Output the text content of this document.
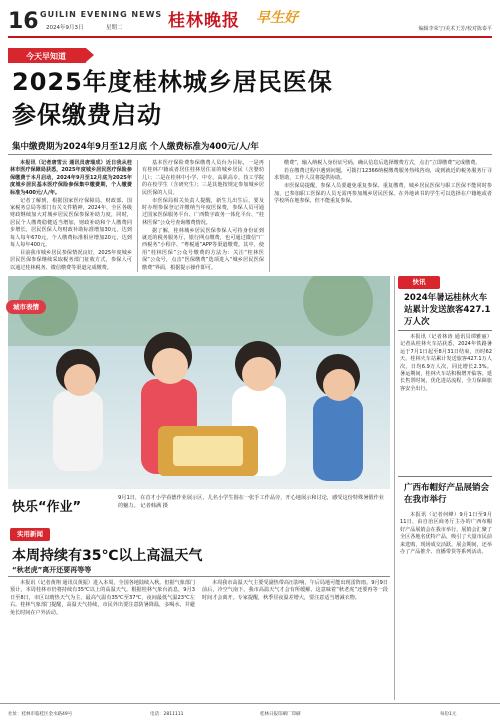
16 GUILIN EVENING NEWS
2024年9月3日	星期二	桂林晚报 早生好
编辑李荣宁/美术王芳/校对陈泰平
今天早知道
2025年度桂林城乡居民医保
参保缴费启动
集中缴费期为2024年9月至12月底 个人缴费标准为400元/人/年

本报讯（记者唐雪云 通讯员唐瑞成）近日我从桂林市医疗保障局获悉，2025年度城乡居民医疗保险参保缴费于本月启动，2024年9月至12月底为2025年度城乡居民基本医疗保险参保集中缴费期，个人缴费标准为400元/人/年。

记者了解到，根据国家医疗保障局、财政部、国家税务总局等部门有关文件精神，2024年，全区各级财政继续加大对城乡居民医保参保补助力度，同时，居民个人缴费稳健适当增加，财政补助和个人缴费同步增长，居民医保人均财政补助标准增加30元，达到每人每年670元，个人缴费标准相应增加20元，达到每人每年400元。

目前我市城乡居民参保情况良好，2025年度城乡居民医保参保继续采取税务部门征收方式，参保人可以通过桂林税务、微信缴费等渠道完成缴费。

基本医疗保险费参保缴费人员台为目标，一是再有桂林户籍或者居住桂林居住证的城乡居民（含婴幼儿）；二是在桂林中小学、中专、高职高专、技工学院的在校学生（含研究生）；三是其他按规定参加城乡居民医保的人员。

市医保局相关负责人提醒，新生儿出生后，要及时办理参保登记并缴纳当年度医保费，参保人员可通过国家医保服务平台、广西数字政务一体化平台、“桂林医保”公众号查询缴费情况。

据了解，桂林城乡居民医保参保人可持身份证到就近的税务服务厅、银行网点缴费，也可通过微信“广西税务”小程序、“粤税通”APP等渠道缴费。其中，使用“桂林医保”公众号缴费的方法为：关注“桂林医保”公众号，点击“医保缴费”选项进入“城乡居民医保缴费”界面，根据提示操作即可。

缴费”，输入纳税人身份证号码，确认信息后选择缴费方式，点击“立即缴费”完成缴费。

若在缴费过程中遇到问题，可拨打12366纳税缴费服务热线咨询，或到就近的税务服务厅寻求帮助，工作人员将提供协助。

市医保局提醒，参保人员要避免重复参保、重复缴费，城乡居民医保与职工医保不能同时参加，已参加职工医保的人员无需再参加城乡居民医保。在外地读书的学生可以选择在户籍地或者学校所在地参保，但不能重复参保。

城市表情
快乐“作业”
9月1日，在首才小学看德作业展示区，儿名小学生围在一张手工作品旁，开心地展示和讨论，感受这份特殊暑假作业的魅力。 记者韩满 摄
实用新闻
本周持续有35℃以上高温天气
“秋老虎”离开还要再等等

本报讯（记者黄翔 通讯员黄振）进入本周，全国各地陆续入秋。但据气象部门预计，本周桂林市仍将持续有35℃以上的高温天气。根据桂林气象台消息，9月3日至8日，市区以晴热天气为主，最高气温有35℃至37℃，夜间最低气温23℃左右。桂林气象部门提醒，高温天气持续，市民外出要注意防暑降温，多喝水，并避免长时间在户外活动。

本周我市高温天气主要受副热带高压影响，午后局地可能出现雷阵雨。9月9日前后，冷空气南下，我市高温天气才会有所缓解，这意味着“秋老虎”还要再等一段时间才会离开。专家提醒，秋季昼夜温差增大，要注意适当增减衣物。

快讯
2024年暑运桂林火车站累计发送旅客427.1万人次

本报讯（记者林涛 通讯员谭雅丽）记者从桂林火车站获悉，2024年铁路暑运于7月1日起至8月31日结束，历时62天。桂林火车站累计发送旅客427.1万人次，日均6.9万人次，同比增长2.3%。暑运期间，桂林火车站积极增开临客、延长售票时间，优化进站流程，全力保障旅客安全出行。

广西布帽好产品展销会在我市举行

本报讯（记者何峰）9月1日至9月11日，由自治区商务厅主办的广西布帽好产品展销会在我市举行，展销会汇聚了全区各地名优特产品，吸引了大量市民前来选购，现场成交活跃。展会期间，还举办了产品推介、直播带货等系列活动。

社址：桂林市临桂区金水路49号	电话：2811111	桂林日报印刷厂印刷	每份1元
